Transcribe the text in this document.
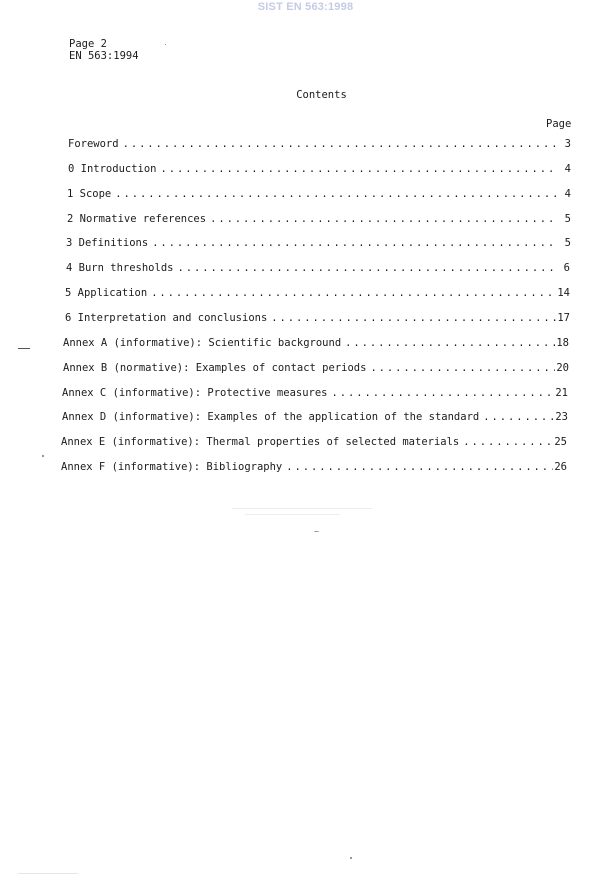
SIST EN 563:1998
Page 2
EN 563:1994
Contents
Page
Foreword . . .	3
0 Introduction . . .	4
1 Scope . . .	4
2 Normative references . . .	5
3 Definitions . . .	5
4 Burn thresholds . . .	6
5 Application . . .	14
6 Interpretation and conclusions . . .	17
Annex A (informative): Scientific background . . .	18
Annex B (normative): Examples of contact periods . . .	20
Annex C (informative): Protective measures . . .	21
Annex D (informative): Examples of the application of the standard . . .	23
Annex E (informative): Thermal properties of selected materials . . .	25
Annex F (informative): Bibliography . . .	26
